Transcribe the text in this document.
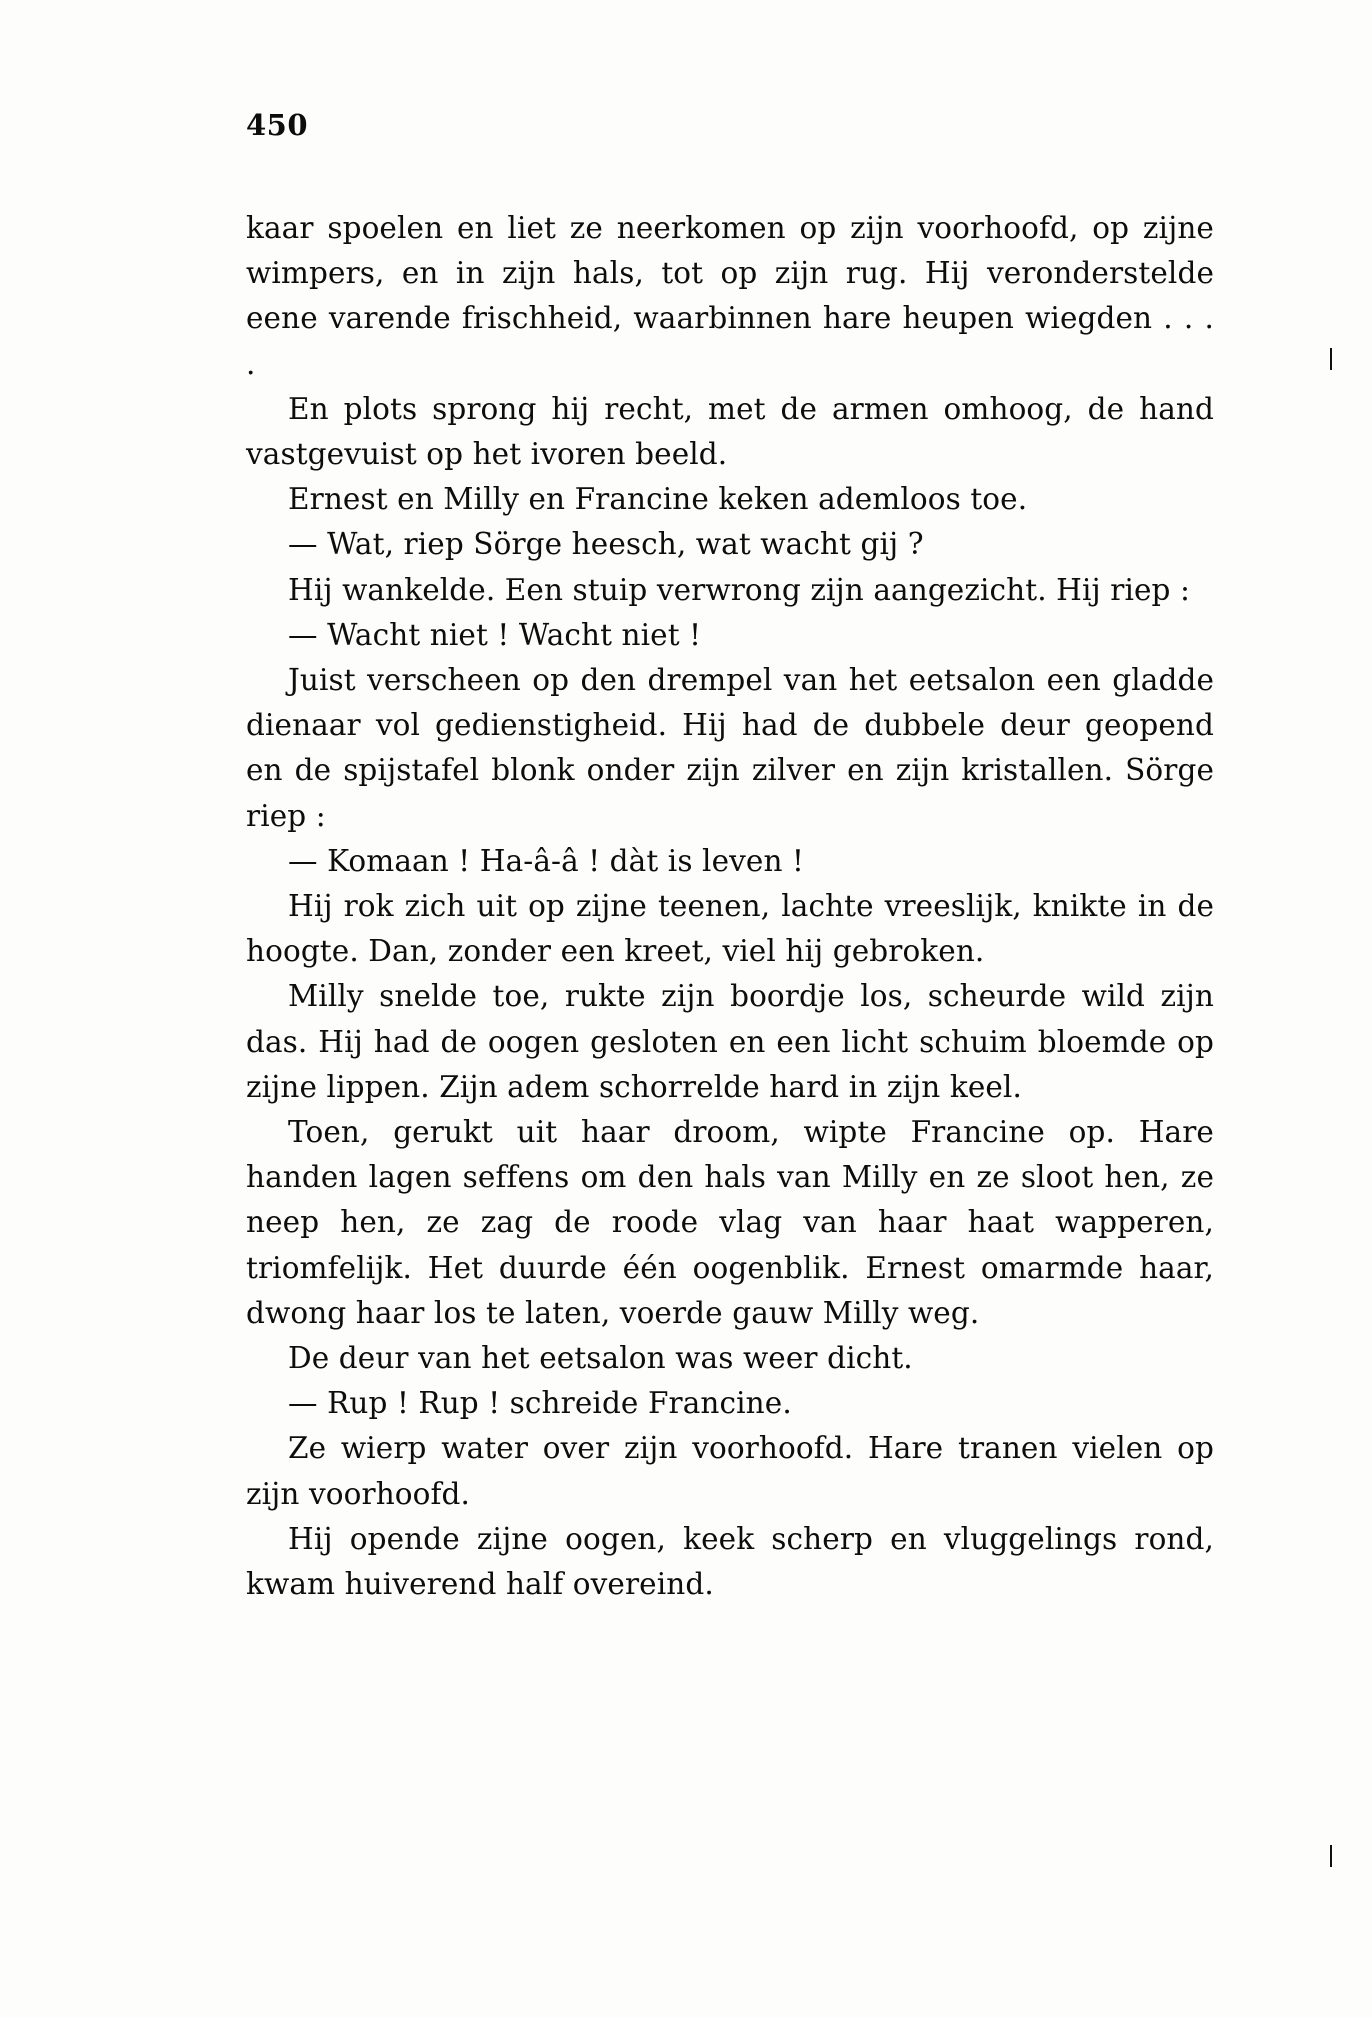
450

kaar spoelen en liet ze neerkomen op zijn voorhoofd, op zijne wimpers, en in zijn hals, tot op zijn rug. Hij veronderstelde eene varende frischheid, waarbinnen hare heupen wiegden . . . .

En plots sprong hij recht, met de armen omhoog, de hand vastgevuist op het ivoren beeld.

Ernest en Milly en Francine keken ademloos toe.

— Wat, riep Sörge heesch, wat wacht gij ?

Hij wankelde. Een stuip verwrong zijn aangezicht. Hij riep :

— Wacht niet ! Wacht niet !

Juist verscheen op den drempel van het eetsalon een gladde dienaar vol gedienstigheid. Hij had de dubbele deur geopend en de spijstafel blonk onder zijn zilver en zijn kristallen. Sörge riep :

— Komaan ! Ha-â-â ! dàt is leven !

Hij rok zich uit op zijne teenen, lachte vreeslijk, knikte in de hoogte. Dan, zonder een kreet, viel hij gebroken.

Milly snelde toe, rukte zijn boordje los, scheurde wild zijn das. Hij had de oogen gesloten en een licht schuim bloemde op zijne lippen. Zijn adem schorrelde hard in zijn keel.

Toen, gerukt uit haar droom, wipte Francine op. Hare handen lagen seffens om den hals van Milly en ze sloot hen, ze neep hen, ze zag de roode vlag van haar haat wapperen, triomfelijk. Het duurde één oogenblik. Ernest omarmde haar, dwong haar los te laten, voerde gauw Milly weg.

De deur van het eetsalon was weer dicht.

— Rup ! Rup ! schreide Francine.

Ze wierp water over zijn voorhoofd. Hare tranen vielen op zijn voorhoofd.

Hij opende zijne oogen, keek scherp en vluggelings rond, kwam huiverend half overeind.
